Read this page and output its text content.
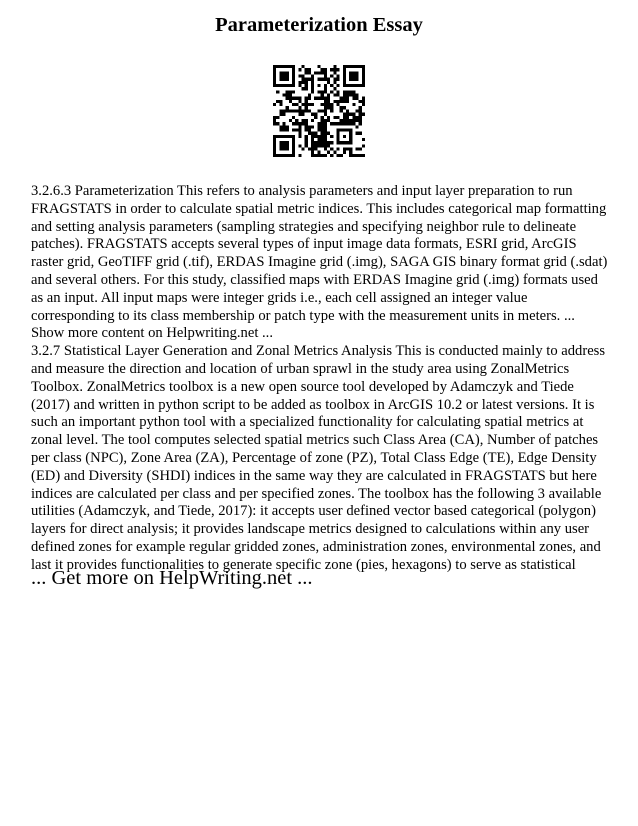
Parameterization Essay

3.2.6.3 Parameterization This refers to analysis parameters and input layer preparation to run FRAGSTATS in order to calculate spatial metric indices. This includes categorical map formatting and setting analysis parameters (sampling strategies and specifying neighbor rule to delineate patches). FRAGSTATS accepts several types of input image data formats, ESRI grid, ArcGIS raster grid, GeoTIFF grid (.tif), ERDAS Imagine grid (.img), SAGA GIS binary format grid (.sdat) and several others. For this study, classified maps with ERDAS Imagine grid (.img) formats used as an input. All input maps were integer grids i.e., each cell assigned an integer value corresponding to its class membership or patch type with the measurement units in meters. ... Show more content on Helpwriting.net ...

3.2.7 Statistical Layer Generation and Zonal Metrics Analysis This is conducted mainly to address and measure the direction and location of urban sprawl in the study area using ZonalMetrics Toolbox. ZonalMetrics toolbox is a new open source tool developed by Adamczyk and Tiede (2017) and written in python script to be added as toolbox in ArcGIS 10.2 or latest versions. It is such an important python tool with a specialized functionality for calculating spatial metrics at zonal level. The tool computes selected spatial metrics such Class Area (CA), Number of patches per class (NPC), Zone Area (ZA), Percentage of zone (PZ), Total Class Edge (TE), Edge Density (ED) and Diversity (SHDI) indices in the same way they are calculated in FRAGSTATS but here indices are calculated per class and per specified zones. The toolbox has the following 3 available utilities (Adamczyk, and Tiede, 2017): it accepts user defined vector based categorical (polygon) layers for direct analysis; it provides landscape metrics designed to calculations within any user defined zones for example regular gridded zones, administration zones, environmental zones, and last it provides functionalities to generate specific zone (pies, hexagons) to serve as statistical

... Get more on HelpWriting.net ...
